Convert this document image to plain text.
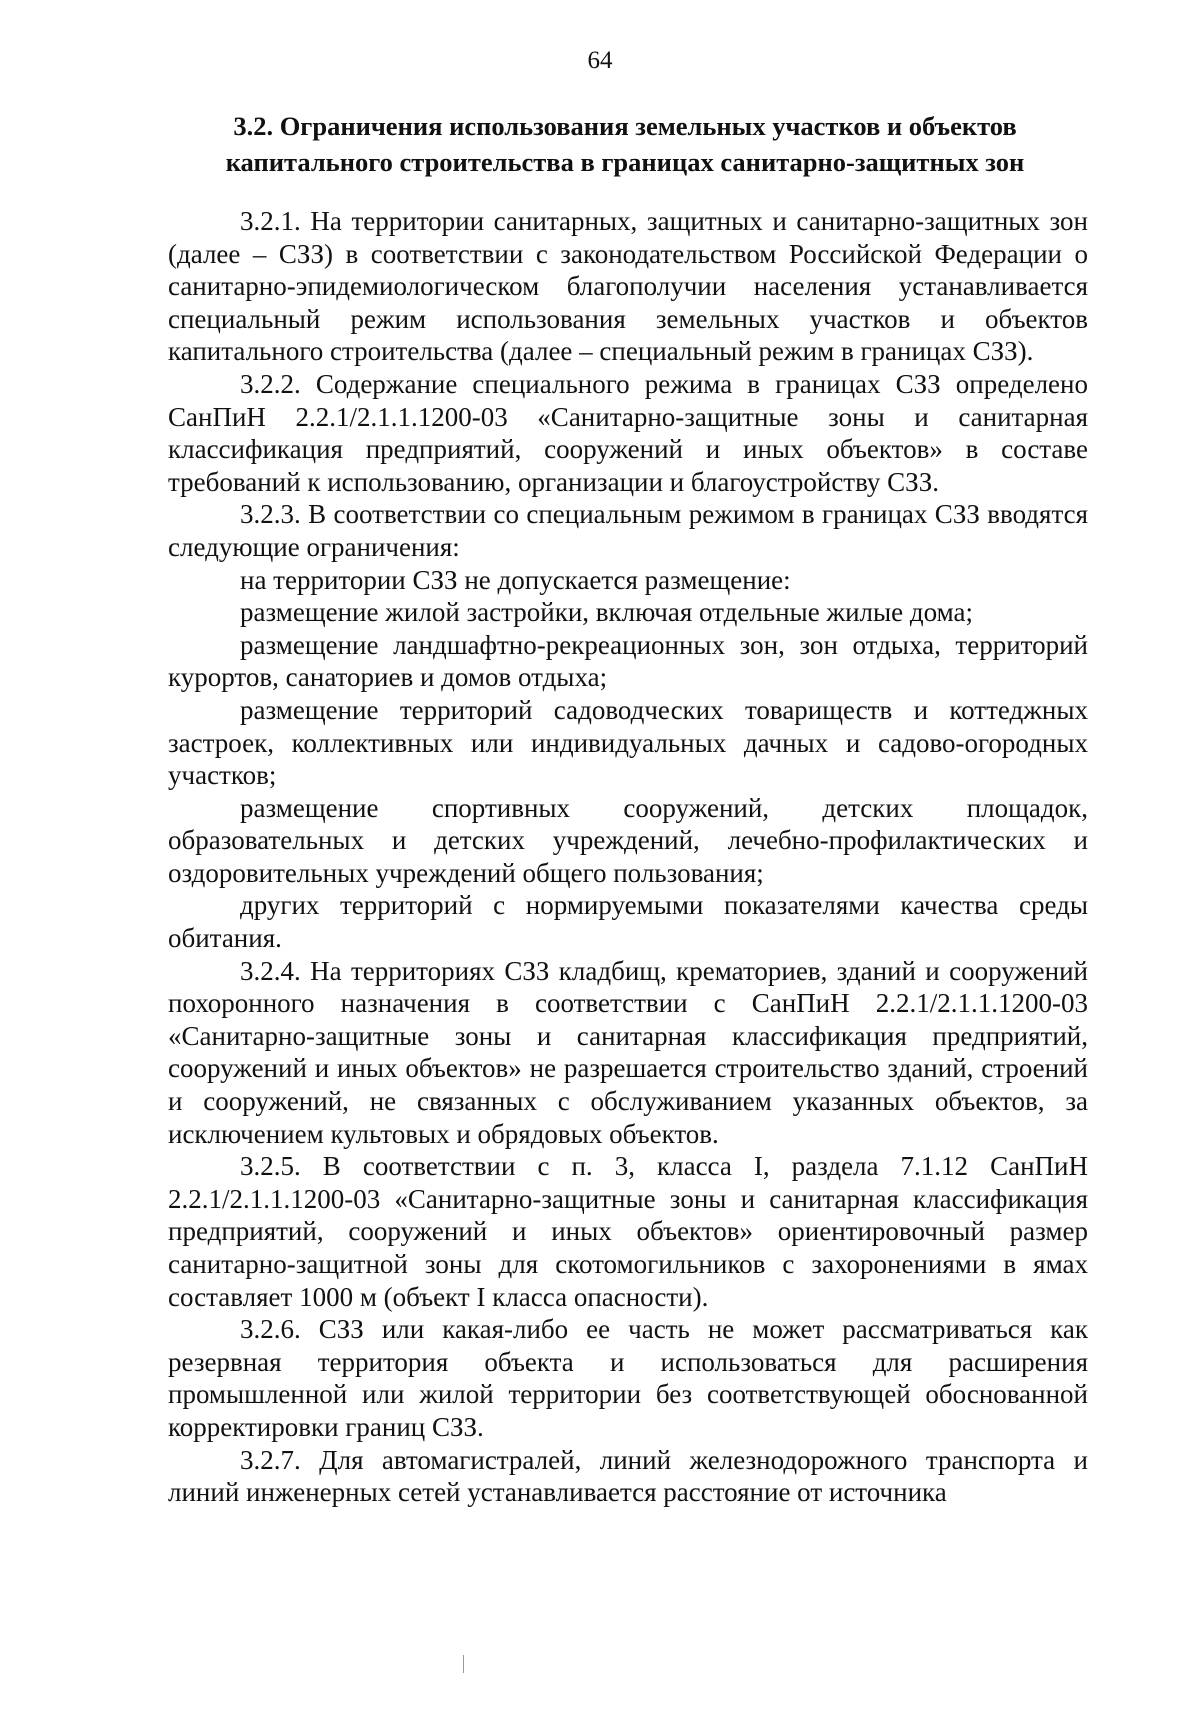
64
3.2. Ограничения использования земельных участков и объектов
капитального строительства в границах санитарно-защитных зон

3.2.1. На территории санитарных, защитных и санитарно-защитных зон (далее – СЗЗ) в соответствии с законодательством Российской Федерации о санитарно-эпидемиологическом благополучии населения устанавливается специальный режим использования земельных участков и объектов капитального строительства (далее – специальный режим в границах СЗЗ).

3.2.2. Содержание специального режима в границах СЗЗ определено СанПиН 2.2.1/2.1.1.1200-03 «Санитарно-защитные зоны и санитарная классификация предприятий, сооружений и иных объектов» в составе требований к использованию, организации и благоустройству СЗЗ.

3.2.3. В соответствии со специальным режимом в границах СЗЗ вводятся следующие ограничения:

на территории СЗЗ не допускается размещение:

размещение жилой застройки, включая отдельные жилые дома;

размещение ландшафтно-рекреационных зон, зон отдыха, территорий курортов, санаториев и домов отдыха;

размещение территорий садоводческих товариществ и коттеджных застроек, коллективных или индивидуальных дачных и садово-огородных участков;

размещение спортивных сооружений, детских площадок, образовательных и детских учреждений, лечебно-профилактических и оздоровительных учреждений общего пользования;

других территорий с нормируемыми показателями качества среды обитания.

3.2.4. На территориях СЗЗ кладбищ, крематориев, зданий и сооружений похоронного назначения в соответствии с СанПиН 2.2.1/2.1.1.1200-03 «Санитарно-защитные зоны и санитарная классификация предприятий, сооружений и иных объектов» не разрешается строительство зданий, строений и сооружений, не связанных с обслуживанием указанных объектов, за исключением культовых и обрядовых объектов.

3.2.5. В соответствии с п. 3, класса I, раздела 7.1.12 СанПиН 2.2.1/2.1.1.1200-03 «Санитарно-защитные зоны и санитарная классификация предприятий, сооружений и иных объектов» ориентировочный размер санитарно-защитной зоны для скотомогильников с захоронениями в ямах составляет 1000 м (объект I класса опасности).

3.2.6. СЗЗ или какая-либо ее часть не может рассматриваться как резервная территория объекта и использоваться для расширения промышленной или жилой территории без соответствующей обоснованной корректировки границ СЗЗ.

3.2.7. Для автомагистралей, линий железнодорожного транспорта и линий инженерных сетей устанавливается расстояние от источника
